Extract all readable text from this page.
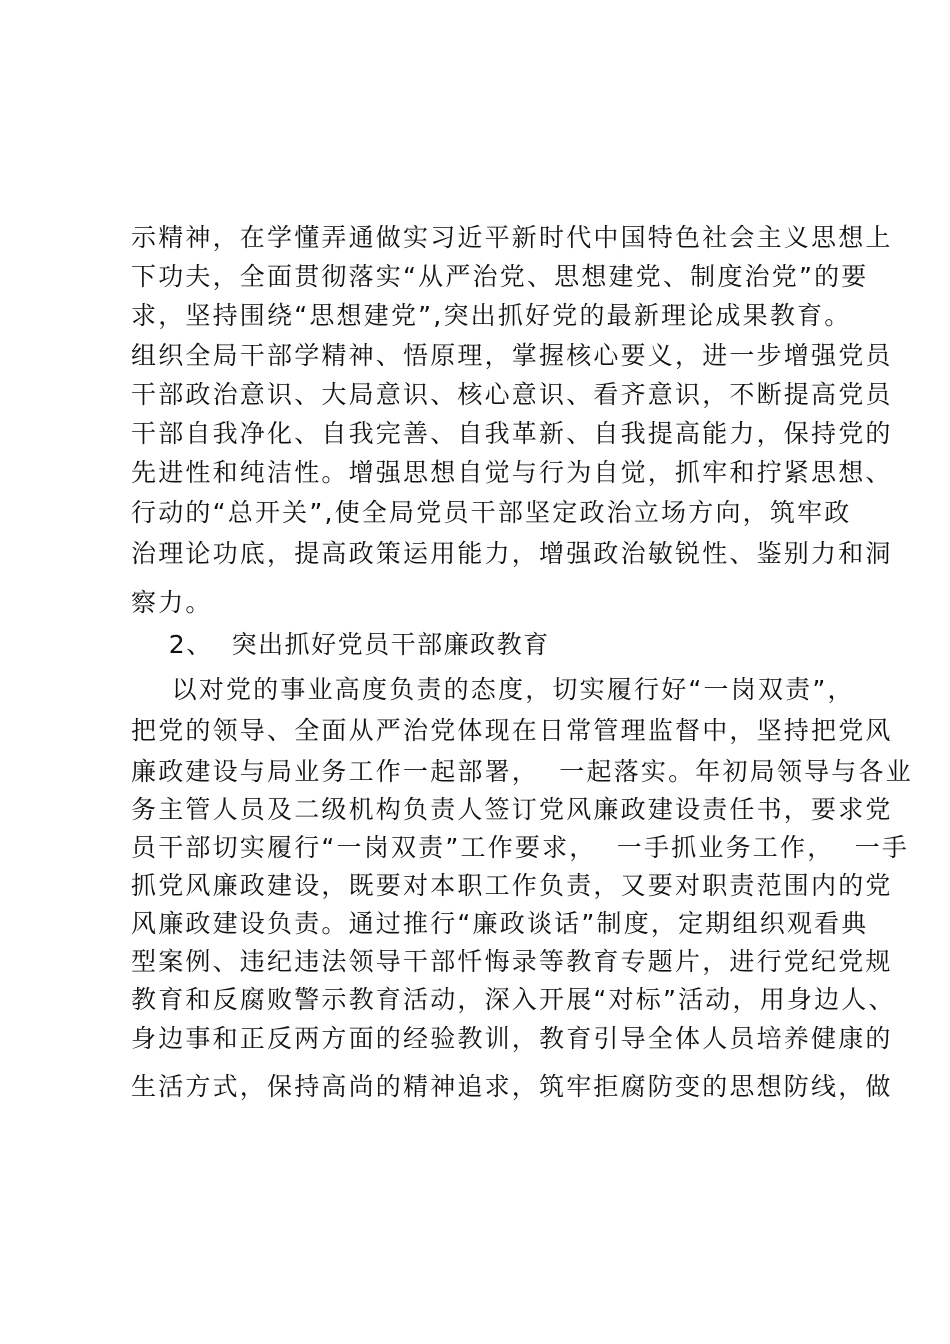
示精神，在学懂弄通做实习近平新时代中国特色社会主义思想上
下功夫，全面贯彻落实“从严治党、思想建党、制度治党”的要
求，坚持围绕“思想建党”,突出抓好党的最新理论成果教育。
组织全局干部学精神、悟原理，掌握核心要义，进一步增强党员
干部政治意识、大局意识、核心意识、看齐意识，不断提高党员
干部自我净化、自我完善、自我革新、自我提高能力，保持党的
先进性和纯洁性。增强思想自觉与行为自觉，抓牢和拧紧思想、
行动的“总开关”,使全局党员干部坚定政治立场方向，筑牢政
治理论功底，提高政策运用能力，增强政治敏锐性、鉴别力和洞
察力。
2、  突出抓好党员干部廉政教育
以对党的事业高度负责的态度，切实履行好“一岗双责”，
把党的领导、全面从严治党体现在日常管理监督中，坚持把党风
廉政建设与局业务工作一起部署，  一起落实。年初局领导与各业
务主管人员及二级机构负责人签订党风廉政建设责任书，要求党
员干部切实履行“一岗双责”工作要求，  一手抓业务工作，  一手
抓党风廉政建设，既要对本职工作负责，又要对职责范围内的党
风廉政建设负责。通过推行“廉政谈话”制度，定期组织观看典
型案例、违纪违法领导干部忏悔录等教育专题片，进行党纪党规
教育和反腐败警示教育活动，深入开展“对标”活动，用身边人、
身边事和正反两方面的经验教训，教育引导全体人员培养健康的
生活方式，保持高尚的精神追求，筑牢拒腐防变的思想防线，做
